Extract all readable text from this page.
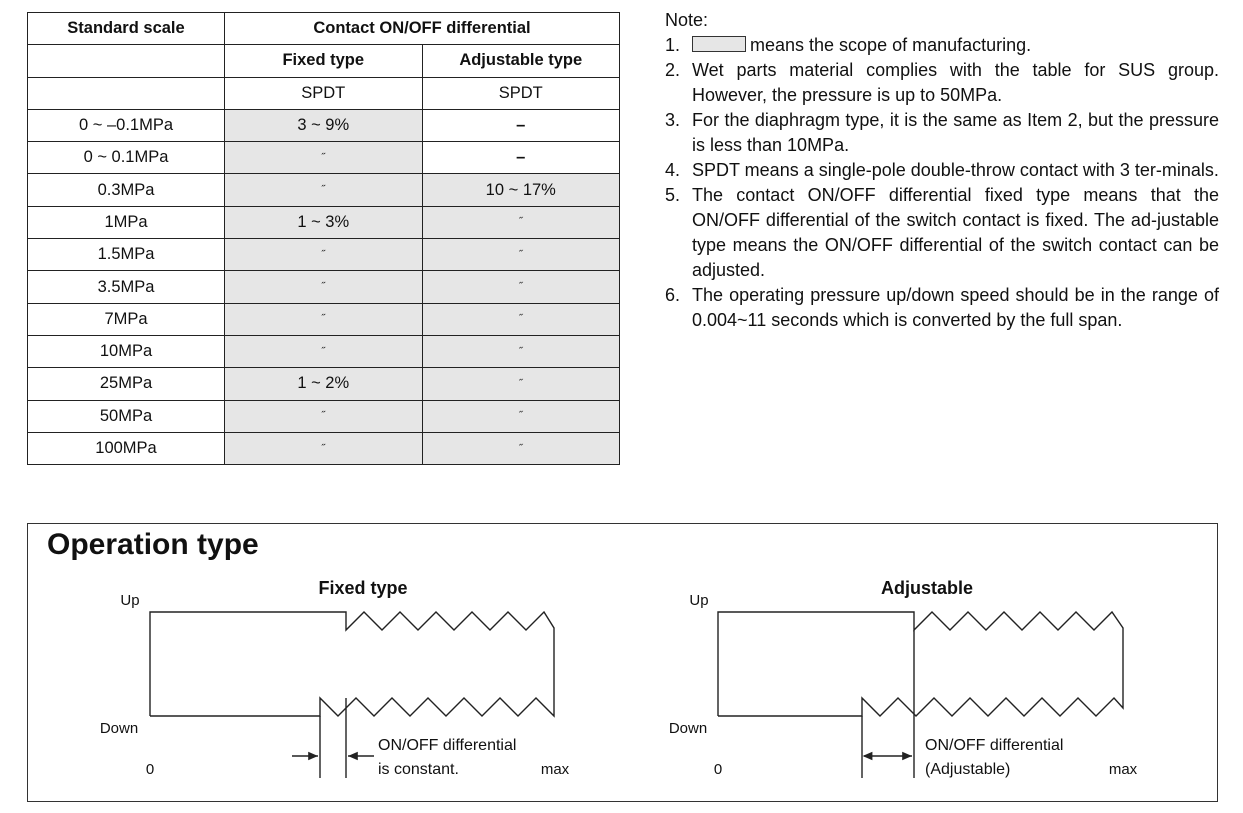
Standard scale	Contact ON/OFF differential	
	Fixed type	Adjustable type
	SPDT	SPDT
0 ~ –0.1MPa	3 ~ 9%	–
0 ~ 0.1MPa	˝	–
0.3MPa	˝	10 ~ 17%
1MPa	1 ~ 3%	˝
1.5MPa	˝	˝
3.5MPa	˝	˝
7MPa	˝	˝
10MPa	˝	˝
25MPa	1 ~ 2%	˝
50MPa	˝	˝
100MPa	˝	˝

Note:

1.	means the scope of manufacturing.
2. Wet parts material complies with the table for SUS group. However, the pressure is up to 50MPa.
3. For the diaphragm type, it is the same as Item 2, but the pressure is less than 10MPa.
4. SPDT means a single-pole double-throw contact with 3 ter-minals.
5. The contact ON/OFF differential fixed type means that the ON/OFF differential of the switch contact is fixed. The ad-justable type means the ON/OFF differential of the switch contact can be adjusted.
6. The operating pressure up/down speed should be in the range of 0.004~11 seconds which is converted by the full span.
Operation type
Fixed type
Up
Down
0	max
ON/OFF differential
is constant.
Adjustable
Up
Down
0	max
ON/OFF differential
(Adjustable)
